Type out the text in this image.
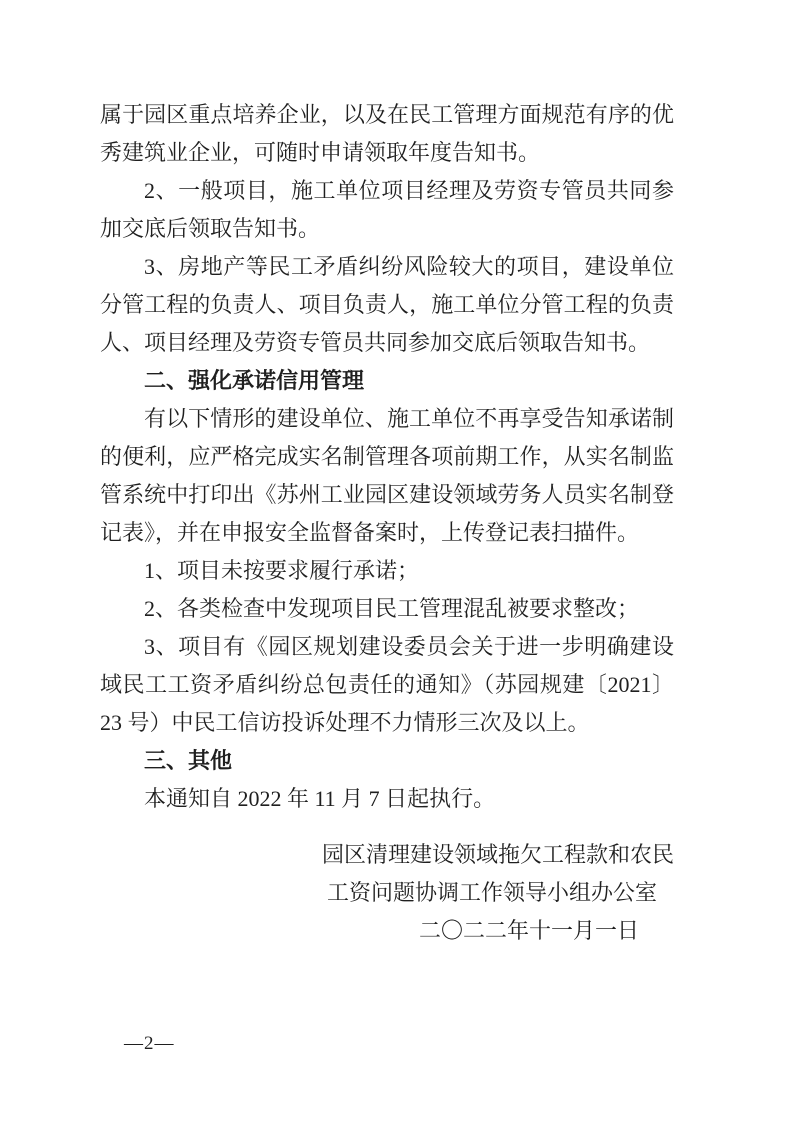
属于园区重点培养企业，以及在民工管理方面规范有序的优秀建筑业企业，可随时申请领取年度告知书。

2、一般项目，施工单位项目经理及劳资专管员共同参加交底后领取告知书。

3、房地产等民工矛盾纠纷风险较大的项目，建设单位分管工程的负责人、项目负责人，施工单位分管工程的负责人、项目经理及劳资专管员共同参加交底后领取告知书。

二、强化承诺信用管理

有以下情形的建设单位、施工单位不再享受告知承诺制的便利，应严格完成实名制管理各项前期工作，从实名制监管系统中打印出《苏州工业园区建设领域劳务人员实名制登记表》，并在申报安全监督备案时，上传登记表扫描件。

1、项目未按要求履行承诺；

2、各类检查中发现项目民工管理混乱被要求整改；

3、项目有《园区规划建设委员会关于进一步明确建设域民工工资矛盾纠纷总包责任的通知》（苏园规建〔2021〕23 号）中民工信访投诉处理不力情形三次及以上。

三、其他

本通知自 2022 年 11 月 7 日起执行。

园区清理建设领域拖欠工程款和农民

工资问题协调工作领导小组办公室

二〇二二年十一月一日

—2—
